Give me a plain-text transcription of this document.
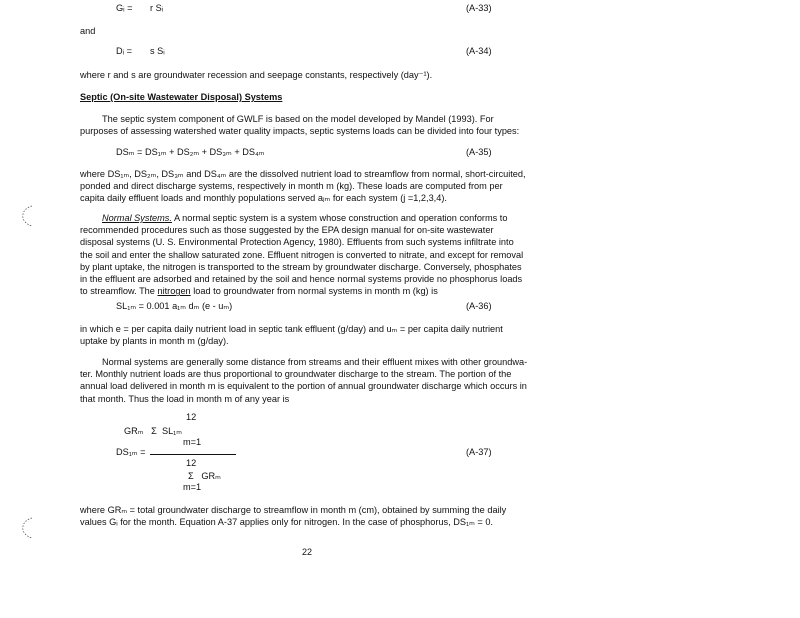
Gᵢ = r Sᵢ	(A-33)
and
Dᵢ = s Sᵢ	(A-34)
where r and s are groundwater recession and seepage constants, respectively (day⁻¹).
Septic (On-site Wastewater Disposal) Systems
The septic system component of GWLF is based on the model developed by Mandel (1993). For
purposes of assessing watershed water quality impacts, septic systems loads can be divided into four types:
DSₘ = DS₁ₘ + DS₂ₘ + DS₃ₘ + DS₄ₘ	(A-35)
where DS₁ₘ, DS₂ₘ, DS₃ₘ and DS₄ₘ are the dissolved nutrient load to streamflow from normal, short-circuited,
ponded and direct discharge systems, respectively in month m (kg). These loads are computed from per
capita daily effluent loads and monthly populations served aⱼₘ for each system (j =1,2,3,4).
Normal Systems. A normal septic system is a system whose construction and operation conforms to
recommended procedures such as those suggested by the EPA design manual for on-site wastewater
disposal systems (U. S. Environmental Protection Agency, 1980). Effluents from such systems infiltrate into
the soil and enter the shallow saturated zone. Effluent nitrogen is converted to nitrate, and except for removal
by plant uptake, the nitrogen is transported to the stream by groundwater discharge. Conversely, phosphates
in the effluent are adsorbed and retained by the soil and hence normal systems provide no phosphorus loads
to streamflow. The nitrogen load to groundwater from normal systems in month m (kg) is
SL₁ₘ = 0.001 a₁ₘ dₘ (e - uₘ)	(A-36)
in which e = per capita daily nutrient load in septic tank effluent (g/day) and uₘ = per capita daily nutrient
uptake by plants in month m (g/day).
Normal systems are generally some distance from streams and their effluent mixes with other groundwa-
ter. Monthly nutrient loads are thus proportional to groundwater discharge to the stream. The portion of the
annual load delivered in month m is equivalent to the portion of annual groundwater discharge which occurs in
that month. Thus the load in month m of any year is
12
GRₘ   Σ  SL₁ₘ
m=1
DS₁ₘ =	(A-37)
12
Σ   GRₘ
m=1
where GRₘ = total groundwater discharge to streamflow in month m (cm), obtained by summing the daily
values Gᵢ for the month. Equation A-37 applies only for nitrogen. In the case of phosphorus, DS₁ₘ = 0.
22
